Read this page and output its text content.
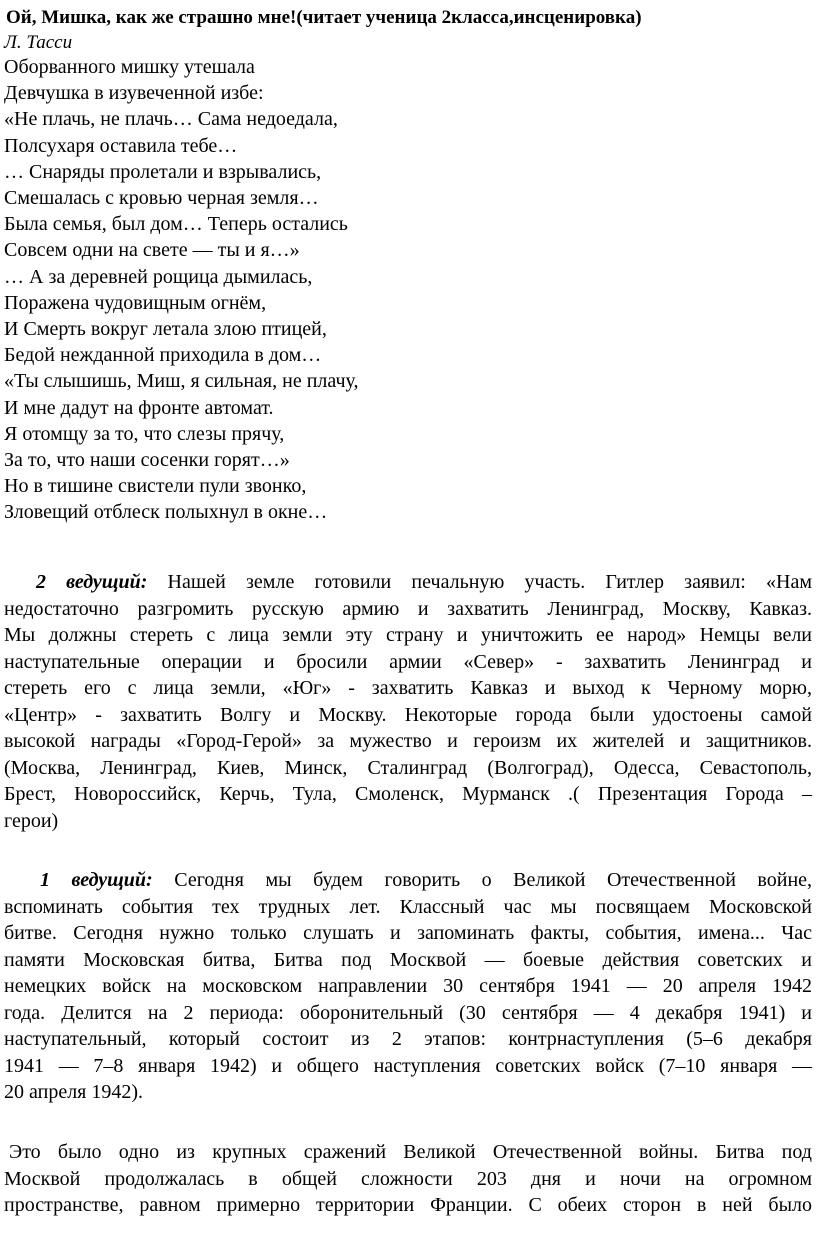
Ой, Мишка, как же страшно мне!(читает ученица 2класса,инсценировка)
Л. Тасси
Оборванного мишку утешала
Девчушка в изувеченной избе:
«Не плачь, не плачь… Сама недоедала,
Полсухаря оставила тебе…
… Снаряды пролетали и взрывались,
Смешалась с кровью черная земля…
Была семья, был дом… Теперь остались
Совсем одни на свете — ты и я…»
… А за деревней рощица дымилась,
Поражена чудовищным огнём,
И Смерть вокруг летала злою птицей,
Бедой нежданной приходила в дом…
«Ты слышишь, Миш, я сильная, не плачу,
И мне дадут на фронте автомат.
Я отомщу за то, что слезы прячу,
За то, что наши сосенки горят…»
Но в тишине свистели пули звонко,
Зловещий отблеск полыхнул в окне…
2 ведущий: Нашей земле готовили печальную участь. Гитлер заявил: «Нам
недостаточно разгромить русскую армию и захватить Ленинград, Москву, Кавказ.
Мы должны стереть с лица земли эту страну и уничтожить ее народ» Немцы вели
наступательные операции и бросили армии «Север» - захватить Ленинград и
стереть его с лица земли, «Юг» - захватить Кавказ и выход к Черному морю,
«Центр» - захватить Волгу и Москву. Некоторые города были удостоены самой
высокой награды «Город-Герой» за мужество и героизм их жителей и защитников.
(Москва, Ленинград, Киев, Минск, Сталинград (Волгоград), Одесса, Севастополь,
Брест, Новороссийск, Керчь, Тула, Смоленск, Мурманск .( Презентация Города –
герои)
1 ведущий: Сегодня мы будем говорить о Великой Отечественной войне,
вспоминать события тех трудных лет. Классный час мы посвящаем Московской
битве. Сегодня нужно только слушать и запоминать факты, события, имена... Час
памяти Московская битва, Битва под Москвой — боевые действия советских и
немецких войск на московском направлении 30 сентября 1941 — 20 апреля 1942
года. Делится на 2 периода: оборонительный (30 сентября — 4 декабря 1941) и
наступательный, который состоит из 2 этапов: контрнаступления (5–6 декабря
1941 — 7–8 января 1942) и общего наступления советских войск (7–10 января —
20 апреля 1942).
Это было одно из крупных сражений Великой Отечественной войны. Битва под
Москвой продолжалась в общей сложности 203 дня и ночи на огромном
пространстве, равном примерно территории Франции. С обеих сторон в ней было
